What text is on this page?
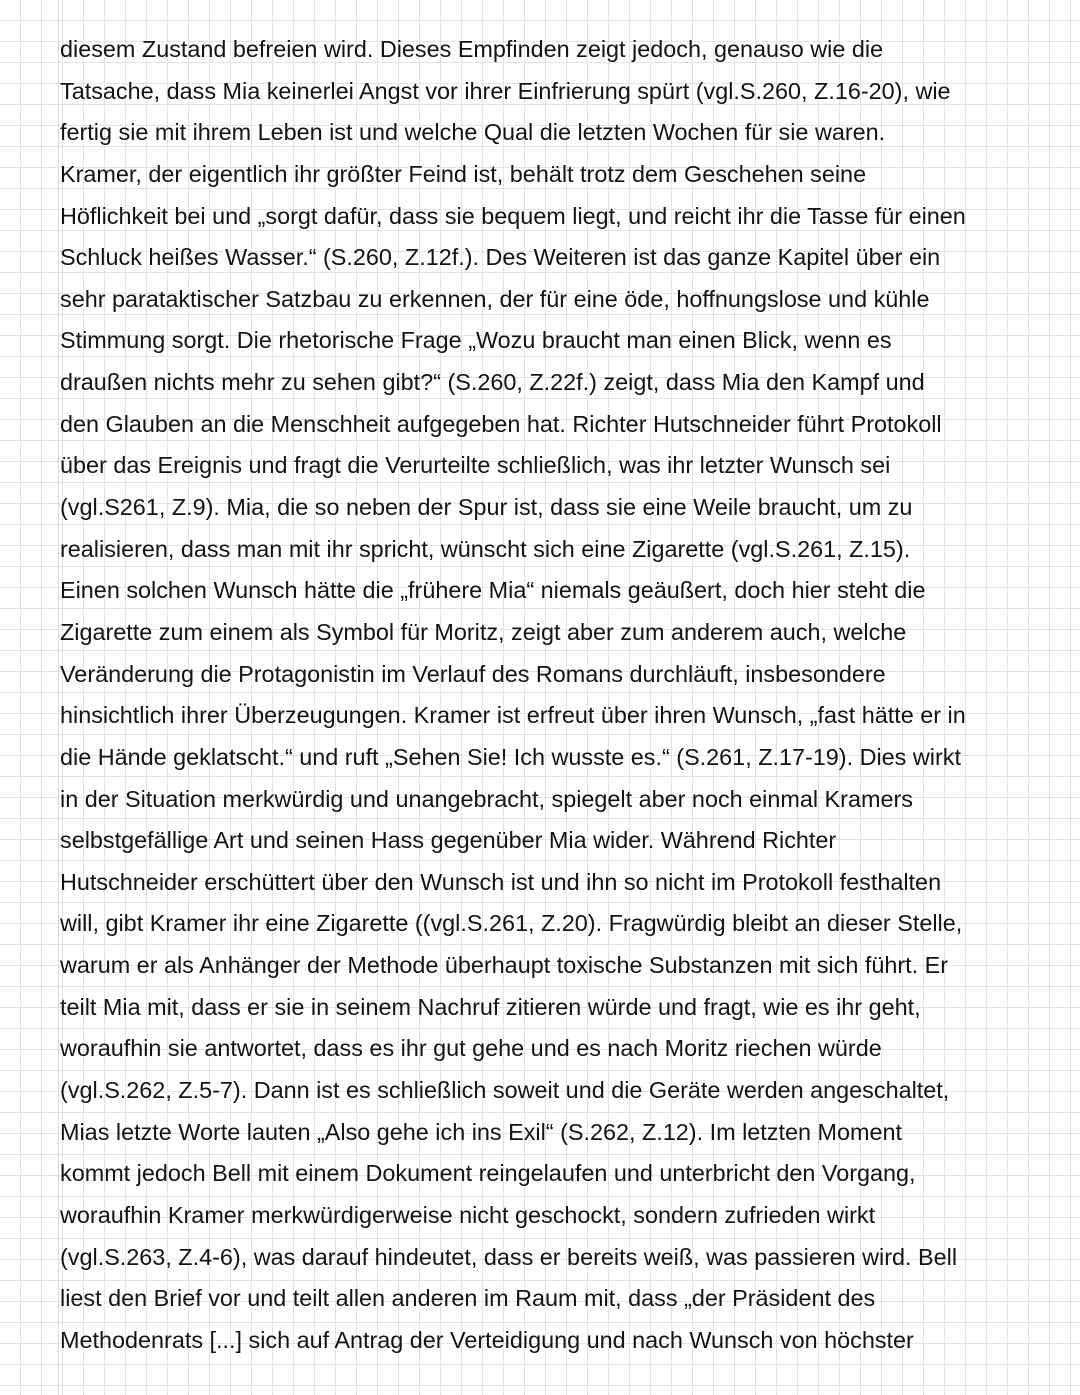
diesem Zustand befreien wird. Dieses Empfinden zeigt jedoch, genauso wie die
Tatsache, dass Mia keinerlei Angst vor ihrer Einfrierung spürt (vgl.S.260, Z.16-20), wie
fertig sie mit ihrem Leben ist und welche Qual die letzten Wochen für sie waren.
Kramer, der eigentlich ihr größter Feind ist, behält trotz dem Geschehen seine
Höflichkeit bei und „sorgt dafür, dass sie bequem liegt, und reicht ihr die Tasse für einen
Schluck heißes Wasser.“ (S.260, Z.12f.). Des Weiteren ist das ganze Kapitel über ein
sehr parataktischer Satzbau zu erkennen, der für eine öde, hoffnungslose und kühle
Stimmung sorgt. Die rhetorische Frage „Wozu braucht man einen Blick, wenn es
draußen nichts mehr zu sehen gibt?“ (S.260, Z.22f.) zeigt, dass Mia den Kampf und
den Glauben an die Menschheit aufgegeben hat. Richter Hutschneider führt Protokoll
über das Ereignis und fragt die Verurteilte schließlich, was ihr letzter Wunsch sei
(vgl.S261, Z.9). Mia, die so neben der Spur ist, dass sie eine Weile braucht, um zu
realisieren, dass man mit ihr spricht, wünscht sich eine Zigarette (vgl.S.261, Z.15).
Einen solchen Wunsch hätte die „frühere Mia“ niemals geäußert, doch hier steht die
Zigarette zum einem als Symbol für Moritz, zeigt aber zum anderem auch, welche
Veränderung die Protagonistin im Verlauf des Romans durchläuft, insbesondere
hinsichtlich ihrer Überzeugungen. Kramer ist erfreut über ihren Wunsch, „fast hätte er in
die Hände geklatscht.“ und ruft „Sehen Sie! Ich wusste es.“ (S.261, Z.17-19). Dies wirkt
in der Situation merkwürdig und unangebracht, spiegelt aber noch einmal Kramers
selbstgefällige Art und seinen Hass gegenüber Mia wider. Während Richter
Hutschneider erschüttert über den Wunsch ist und ihn so nicht im Protokoll festhalten
will, gibt Kramer ihr eine Zigarette ((vgl.S.261, Z.20). Fragwürdig bleibt an dieser Stelle,
warum er als Anhänger der Methode überhaupt toxische Substanzen mit sich führt. Er
teilt Mia mit, dass er sie in seinem Nachruf zitieren würde und fragt, wie es ihr geht,
woraufhin sie antwortet, dass es ihr gut gehe und es nach Moritz riechen würde
(vgl.S.262, Z.5-7). Dann ist es schließlich soweit und die Geräte werden angeschaltet,
Mias letzte Worte lauten „Also gehe ich ins Exil“ (S.262, Z.12). Im letzten Moment
kommt jedoch Bell mit einem Dokument reingelaufen und unterbricht den Vorgang,
woraufhin Kramer merkwürdigerweise nicht geschockt, sondern zufrieden wirkt
(vgl.S.263, Z.4-6), was darauf hindeutet, dass er bereits weiß, was passieren wird. Bell
liest den Brief vor und teilt allen anderen im Raum mit, dass „der Präsident des
Methodenrats [...] sich auf Antrag der Verteidigung und nach Wunsch von höchster
